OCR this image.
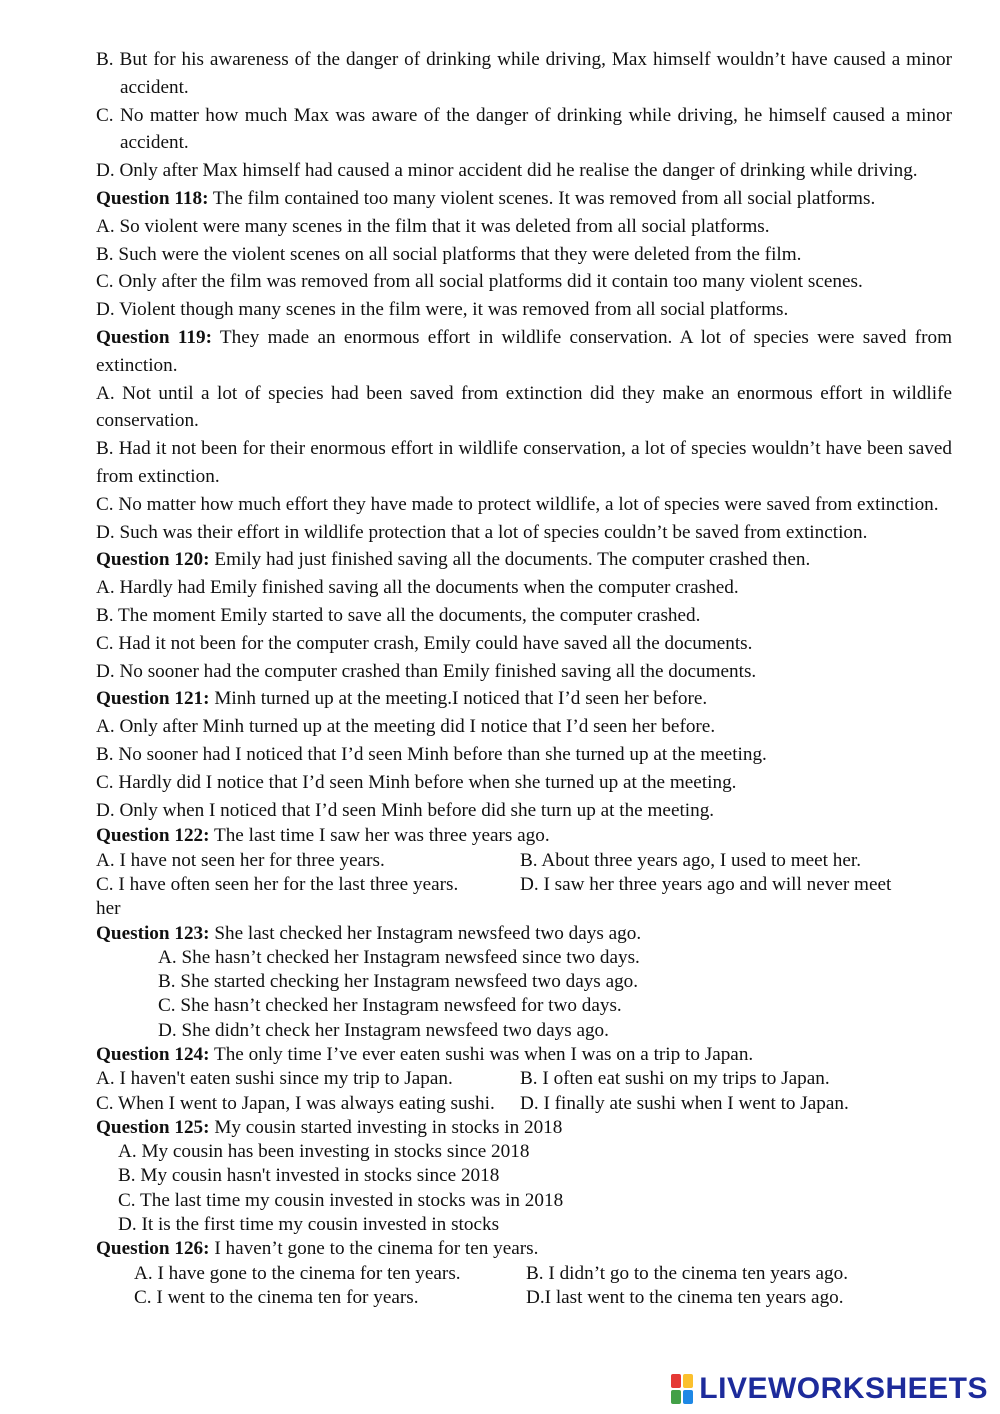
B. But for his awareness of the danger of drinking while driving, Max himself wouldn’t have caused a minor accident.
C. No matter how much Max was aware of the danger of drinking while driving, he himself caused a minor accident.
D. Only after Max himself had caused a minor accident did he realise the danger of drinking while driving.
Question 118: The film contained too many violent scenes. It was removed from all social platforms.
A. So violent were many scenes in the film that it was deleted from all social platforms.
B. Such were the violent scenes on all social platforms that they were deleted from the film.
C. Only after the film was removed from all social platforms did it contain too many violent scenes.
D. Violent though many scenes in the film were, it was removed from all social platforms.
Question 119: They made an enormous effort in wildlife conservation. A lot of species were saved from extinction.
A. Not until a lot of species had been saved from extinction did they make an enormous effort in wildlife conservation.
B. Had it not been for their enormous effort in wildlife conservation, a lot of species wouldn’t have been saved from extinction.
C. No matter how much effort they have made to protect wildlife, a lot of species were saved from extinction.
D. Such was their effort in wildlife protection that a lot of species couldn’t be saved from extinction.
Question 120: Emily had just finished saving all the documents. The computer crashed then.
A. Hardly had Emily finished saving all the documents when the computer crashed.
B. The moment Emily started to save all the documents, the computer crashed.
C. Had it not been for the computer crash, Emily could have saved all the documents.
D. No sooner had the computer crashed than Emily finished saving all the documents.
Question 121: Minh turned up at the meeting.I noticed that I’d seen her before.
A. Only after Minh turned up at the meeting did I notice that I’d seen her before.
B. No sooner had I noticed that I’d seen Minh before than she turned up at the meeting.
C. Hardly did I notice that I’d seen Minh before when she turned up at the meeting.
D. Only when I noticed that I’d seen Minh before did she turn up at the meeting.
Question 122: The last time I saw her was three years ago.
A. I have not seen her for three years.	B. About three years ago, I used to meet her.
C. I have often seen her for the last three years.	D. I saw her three years ago and will never meet
her
Question 123: She last checked her Instagram newsfeed two days ago.
A. She hasn’t checked her Instagram newsfeed since two days.
B. She started checking her Instagram newsfeed two days ago.
C. She hasn’t checked her Instagram newsfeed for two days.
D. She didn’t check her Instagram newsfeed two days ago.
Question 124: The only time I’ve ever eaten sushi was when I was on a trip to Japan.
A. I haven't eaten sushi since my trip to Japan.	B. I often eat sushi on my trips to Japan.
C. When I went to Japan, I was always eating sushi.	D. I finally ate sushi when I went to Japan.
Question 125: My cousin started investing in stocks in 2018
A. My cousin has been investing in stocks since 2018
B. My cousin hasn't invested in stocks since 2018
C. The last time my cousin invested in stocks was in 2018
D. It is the first time my cousin invested in stocks
Question 126: I haven’t gone to the cinema for ten years.
A. I have gone to the cinema for ten years.	B. I didn’t go to the cinema ten years ago.
C. I went to the cinema ten for years.	D.I last went to the cinema ten years ago.
LIVEWORKSHEETS
